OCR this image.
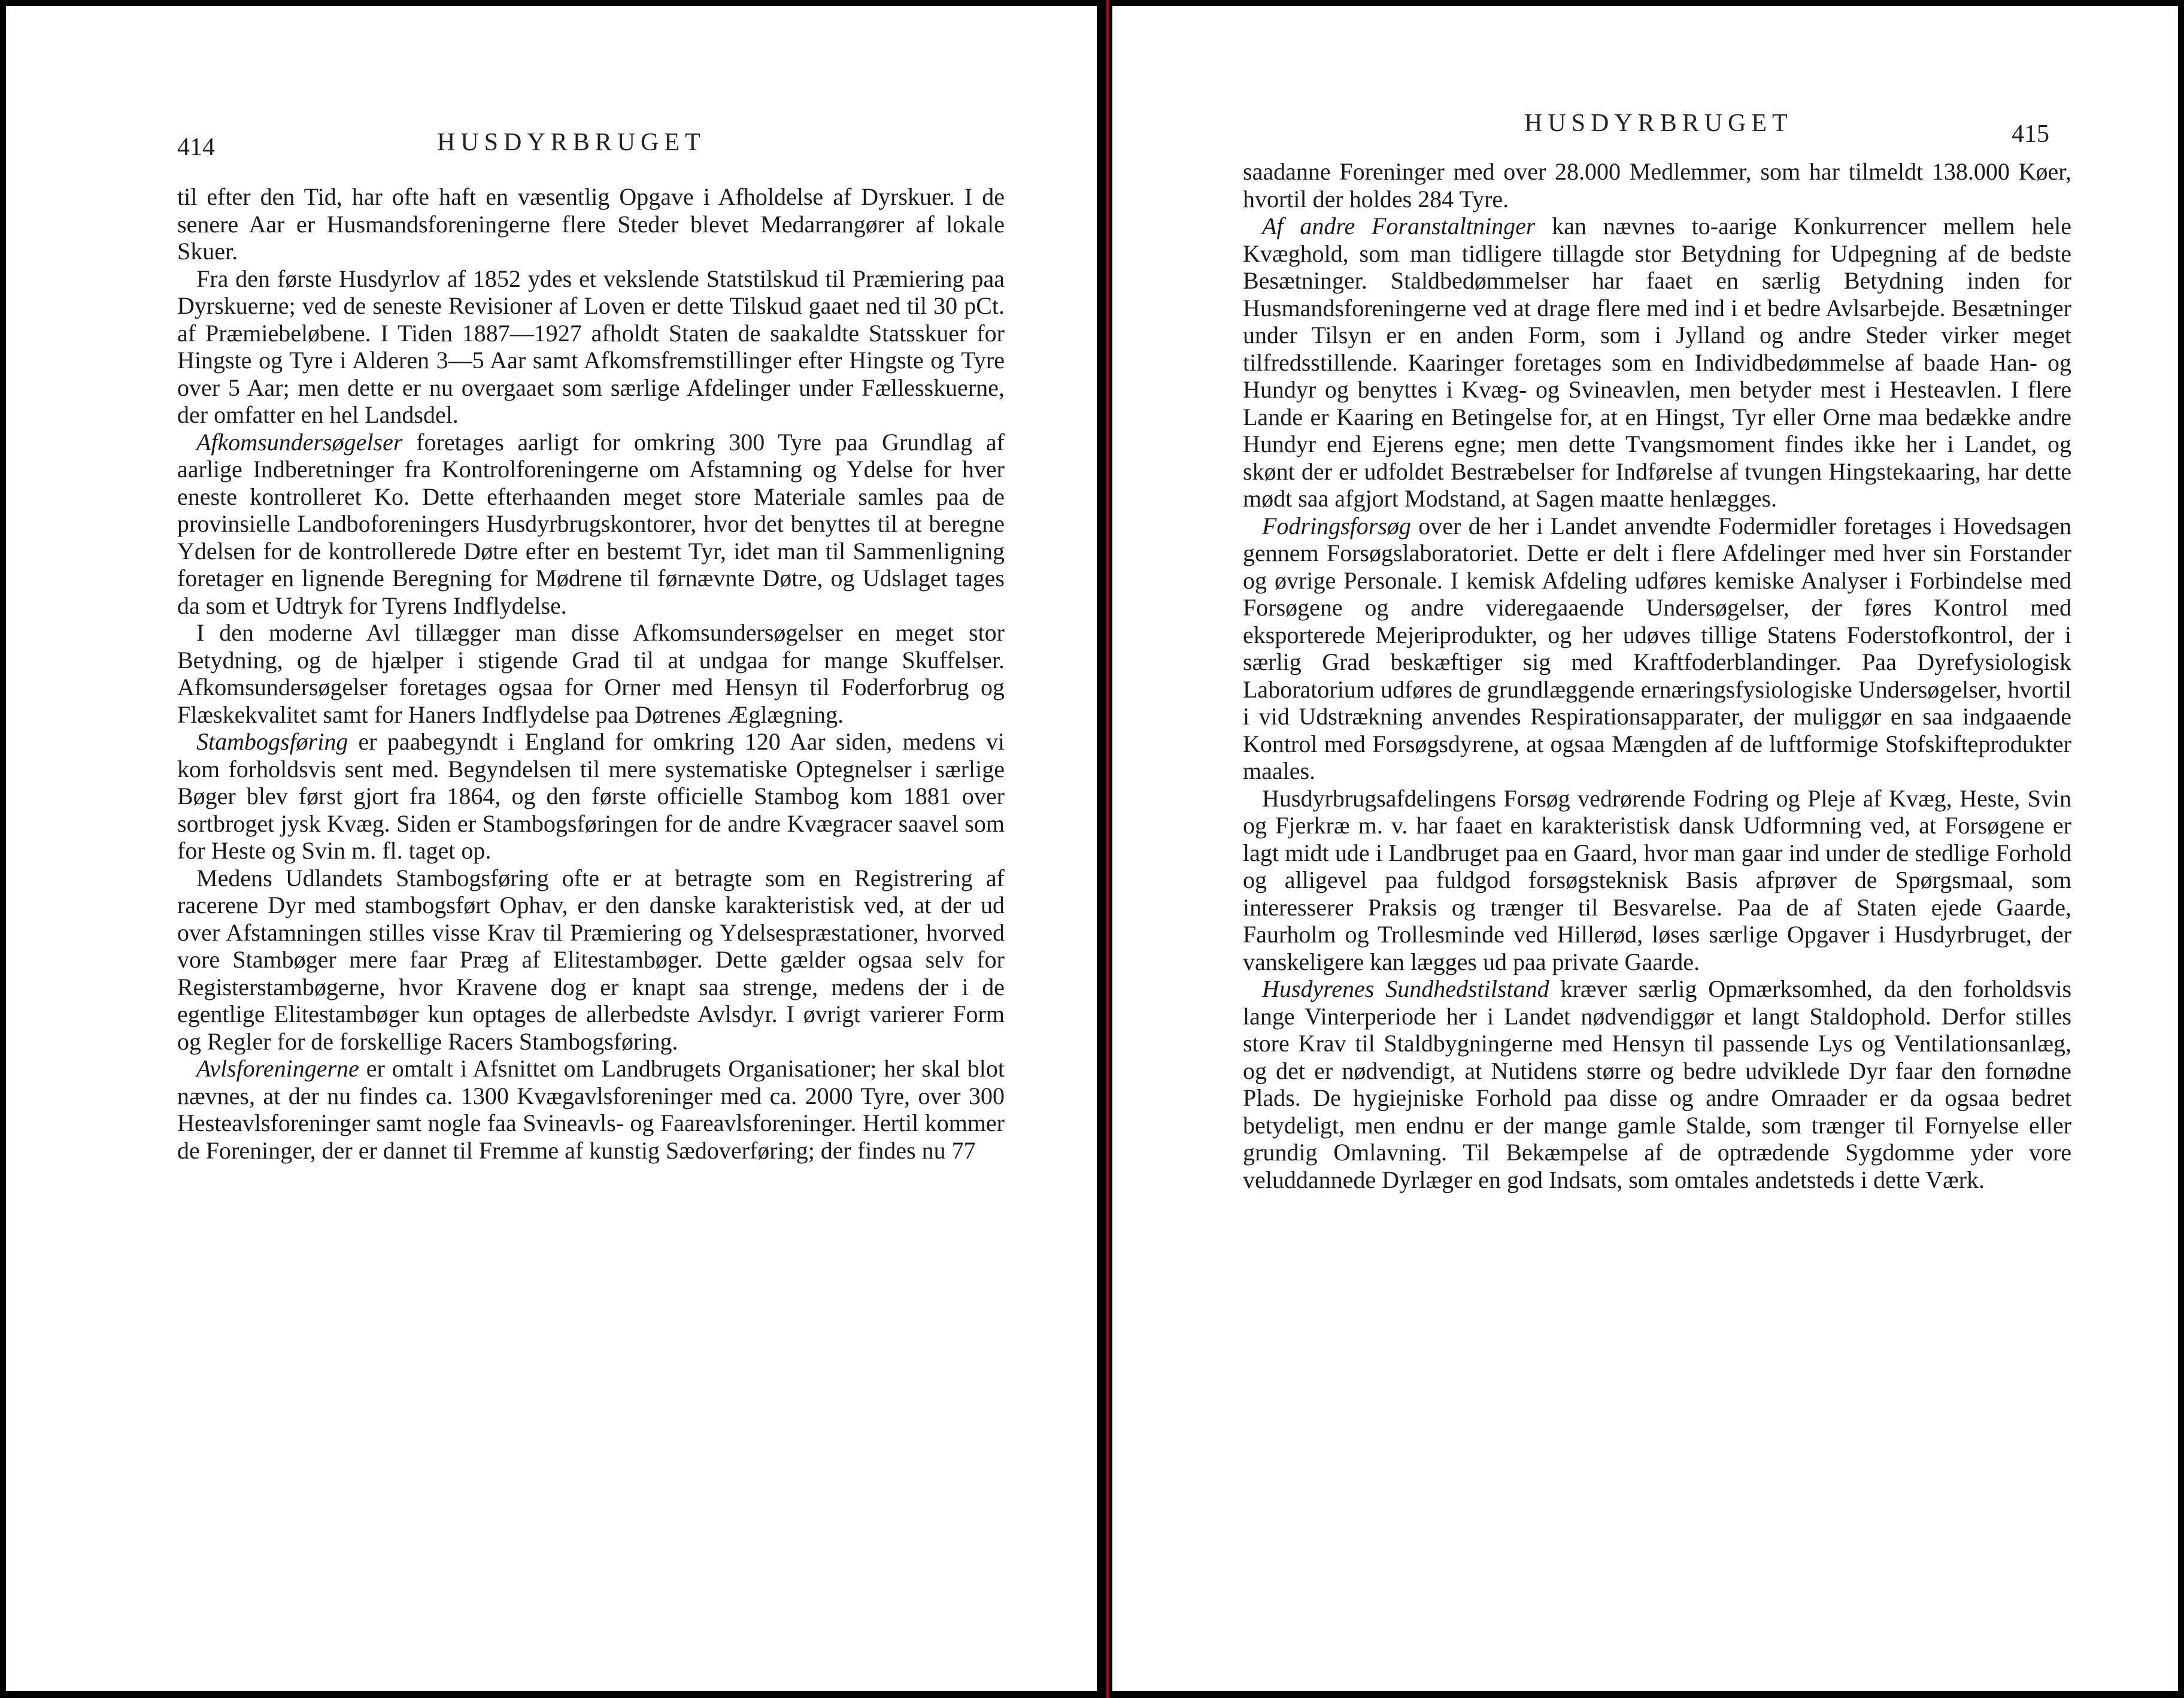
414	HUSDYRBRUGET

til efter den Tid, har ofte haft en væsentlig Opgave i Afholdelse af Dyrskuer. I de senere Aar er Husmandsforeningerne flere Steder blevet Medarrangører af lokale Skuer.

Fra den første Husdyrlov af 1852 ydes et vekslende Statstilskud til Præmiering paa Dyrskuerne; ved de seneste Revisioner af Loven er dette Tilskud gaaet ned til 30 pCt. af Præmiebeløbene. I Tiden 1887—1927 afholdt Staten de saakaldte Statsskuer for Hingste og Tyre i Alderen 3—5 Aar samt Afkomsfremstillinger efter Hingste og Tyre over 5 Aar; men dette er nu overgaaet som særlige Afdelinger under Fællesskuerne, der omfatter en hel Landsdel.

Afkomsundersøgelser foretages aarligt for omkring 300 Tyre paa Grundlag af aarlige Indberetninger fra Kontrolforeningerne om Afstamning og Ydelse for hver eneste kontrolleret Ko. Dette efterhaanden meget store Materiale samles paa de provinsielle Landboforeningers Husdyrbrugskontorer, hvor det benyttes til at beregne Ydelsen for de kontrollerede Døtre efter en bestemt Tyr, idet man til Sammenligning foretager en lignende Beregning for Mødrene til førnævnte Døtre, og Udslaget tages da som et Udtryk for Tyrens Indflydelse.

I den moderne Avl tillægger man disse Afkomsundersøgelser en meget stor Betydning, og de hjælper i stigende Grad til at undgaa for mange Skuffelser. Afkomsundersøgelser foretages ogsaa for Orner med Hensyn til Foderforbrug og Flæskekvalitet samt for Haners Indflydelse paa Døtrenes Æglægning.

Stambogsføring er paabegyndt i England for omkring 120 Aar siden, medens vi kom forholdsvis sent med. Begyndelsen til mere systematiske Optegnelser i særlige Bøger blev først gjort fra 1864, og den første officielle Stambog kom 1881 over sortbroget jysk Kvæg. Siden er Stambogsføringen for de andre Kvægracer saavel som for Heste og Svin m. fl. taget op.

Medens Udlandets Stambogsføring ofte er at betragte som en Registrering af racerene Dyr med stambogsført Ophav, er den danske karakteristisk ved, at der ud over Afstamningen stilles visse Krav til Præmiering og Ydelsespræstationer, hvorved vore Stambøger mere faar Præg af Elitestambøger. Dette gælder ogsaa selv for Registerstambøgerne, hvor Kravene dog er knapt saa strenge, medens der i de egentlige Elitestambøger kun optages de allerbedste Avlsdyr. I øvrigt varierer Form og Regler for de forskellige Racers Stambogsføring.

Avlsforeningerne er omtalt i Afsnittet om Landbrugets Organisationer; her skal blot nævnes, at der nu findes ca. 1300 Kvægavlsforeninger med ca. 2000 Tyre, over 300 Hesteavlsforeninger samt nogle faa Svineavls- og Faareavlsforeninger. Hertil kommer de Foreninger, der er dannet til Fremme af kunstig Sædoverføring; der findes nu 77

HUSDYRBRUGET	415

saadanne Foreninger med over 28.000 Medlemmer, som har tilmeldt 138.000 Køer, hvortil der holdes 284 Tyre.

Af andre Foranstaltninger kan nævnes to-aarige Konkurrencer mellem hele Kvæghold, som man tidligere tillagde stor Betydning for Udpegning af de bedste Besætninger. Staldbedømmelser har faaet en særlig Betydning inden for Husmandsforeningerne ved at drage flere med ind i et bedre Avlsarbejde. Besætninger under Tilsyn er en anden Form, som i Jylland og andre Steder virker meget tilfredsstillende. Kaaringer foretages som en Individbedømmelse af baade Han- og Hundyr og benyttes i Kvæg- og Svineavlen, men betyder mest i Hesteavlen. I flere Lande er Kaaring en Betingelse for, at en Hingst, Tyr eller Orne maa bedække andre Hundyr end Ejerens egne; men dette Tvangsmoment findes ikke her i Landet, og skønt der er udfoldet Bestræbelser for Indførelse af tvungen Hingstekaaring, har dette mødt saa afgjort Modstand, at Sagen maatte henlægges.

Fodringsforsøg over de her i Landet anvendte Fodermidler foretages i Hovedsagen gennem Forsøgslaboratoriet. Dette er delt i flere Afdelinger med hver sin Forstander og øvrige Personale. I kemisk Afdeling udføres kemiske Analyser i Forbindelse med Forsøgene og andre videregaaende Undersøgelser, der føres Kontrol med eksporterede Mejeriprodukter, og her udøves tillige Statens Foderstofkontrol, der i særlig Grad beskæftiger sig med Kraftfoderblandinger. Paa Dyrefysiologisk Laboratorium udføres de grundlæggende ernæringsfysiologiske Undersøgelser, hvortil i vid Udstrækning anvendes Respirationsapparater, der muliggør en saa indgaaende Kontrol med Forsøgsdyrene, at ogsaa Mængden af de luftformige Stofskifteprodukter maales.

Husdyrbrugsafdelingens Forsøg vedrørende Fodring og Pleje af Kvæg, Heste, Svin og Fjerkræ m. v. har faaet en karakteristisk dansk Udformning ved, at Forsøgene er lagt midt ude i Landbruget paa en Gaard, hvor man gaar ind under de stedlige Forhold og alligevel paa fuldgod forsøgsteknisk Basis afprøver de Spørgsmaal, som interesserer Praksis og trænger til Besvarelse. Paa de af Staten ejede Gaarde, Faurholm og Trollesminde ved Hillerød, løses særlige Opgaver i Husdyrbruget, der vanskeligere kan lægges ud paa private Gaarde.

Husdyrenes Sundhedstilstand kræver særlig Opmærksomhed, da den forholdsvis lange Vinterperiode her i Landet nødvendiggør et langt Staldophold. Derfor stilles store Krav til Staldbygningerne med Hensyn til passende Lys og Ventilationsanlæg, og det er nødvendigt, at Nutidens større og bedre udviklede Dyr faar den fornødne Plads. De hygiejniske Forhold paa disse og andre Omraader er da ogsaa bedret betydeligt, men endnu er der mange gamle Stalde, som trænger til Fornyelse eller grundig Omlavning. Til Bekæmpelse af de optrædende Sygdomme yder vore veluddannede Dyrlæger en god Indsats, som omtales andetsteds i dette Værk.
